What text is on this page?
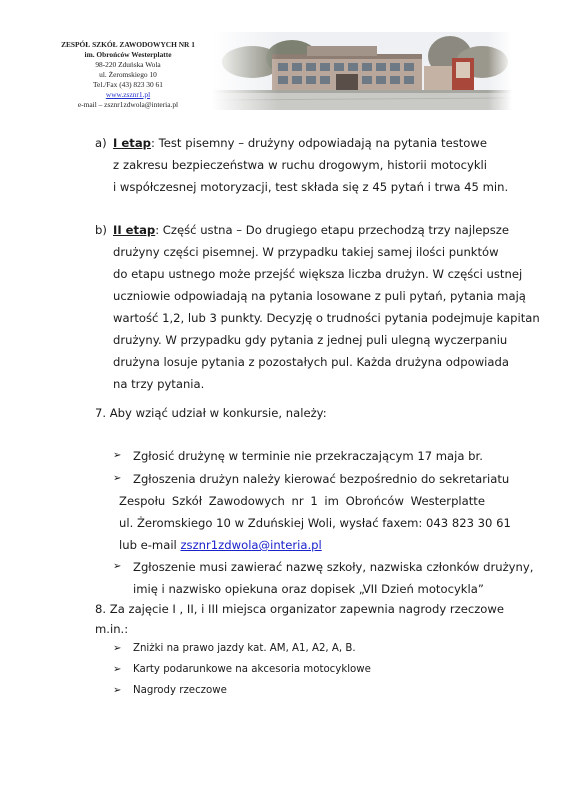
ZESPÓŁ SZKÓŁ ZAWODOWYCH NR 1
im. Obrońców Westerplatte
98-220 Zduńska Wola
ul. Żeromskiego 10
Tel./Fax (43) 823 30 61
www.zsznr1.pl
e-mail – zsznr1zdwola@interia.pl
a) I etap: Test pisemny – drużyny odpowiadają na pytania testowe
z zakresu bezpieczeństwa w ruchu drogowym, historii motocykli
i współczesnej motoryzacji, test składa się z 45 pytań i trwa 45 min.
b) II etap: Część ustna – Do drugiego etapu przechodzą trzy najlepsze
drużyny części pisemnej. W przypadku takiej samej ilości punktów
do etapu ustnego może przejść większa liczba drużyn. W części ustnej
uczniowie odpowiadają na pytania losowane z puli pytań, pytania mają
wartość 1,2, lub 3 punkty. Decyzję o trudności pytania podejmuje kapitan
drużyny. W przypadku gdy pytania z jednej puli ulegną wyczerpaniu
drużyna losuje pytania z pozostałych pul. Każda drużyna odpowiada
na trzy pytania.
7. Aby wziąć udział w konkursie, należy:
➢ Zgłosić drużynę w terminie nie przekraczającym 17 maja br.
➢ Zgłoszenia drużyn należy kierować bezpośrednio do sekretariatu
Zespołu Szkół Zawodowych nr 1 im Obrońców Westerplatte
ul. Żeromskiego 10 w Zduńskiej Woli, wysłać faxem: 043 823 30 61
lub e-mail zsznr1zdwola@interia.pl
➢ Zgłoszenie musi zawierać nazwę szkoły, nazwiska członków drużyny,
imię i nazwisko opiekuna oraz dopisek „VII Dzień motocykla”
8. Za zajęcie I , II, i III miejsca organizator zapewnia nagrody rzeczowe
m.in.:
➢ Zniżki na prawo jazdy kat. AM, A1, A2, A, B.
➢ Karty podarunkowe na akcesoria motocyklowe
➢ Nagrody rzeczowe
